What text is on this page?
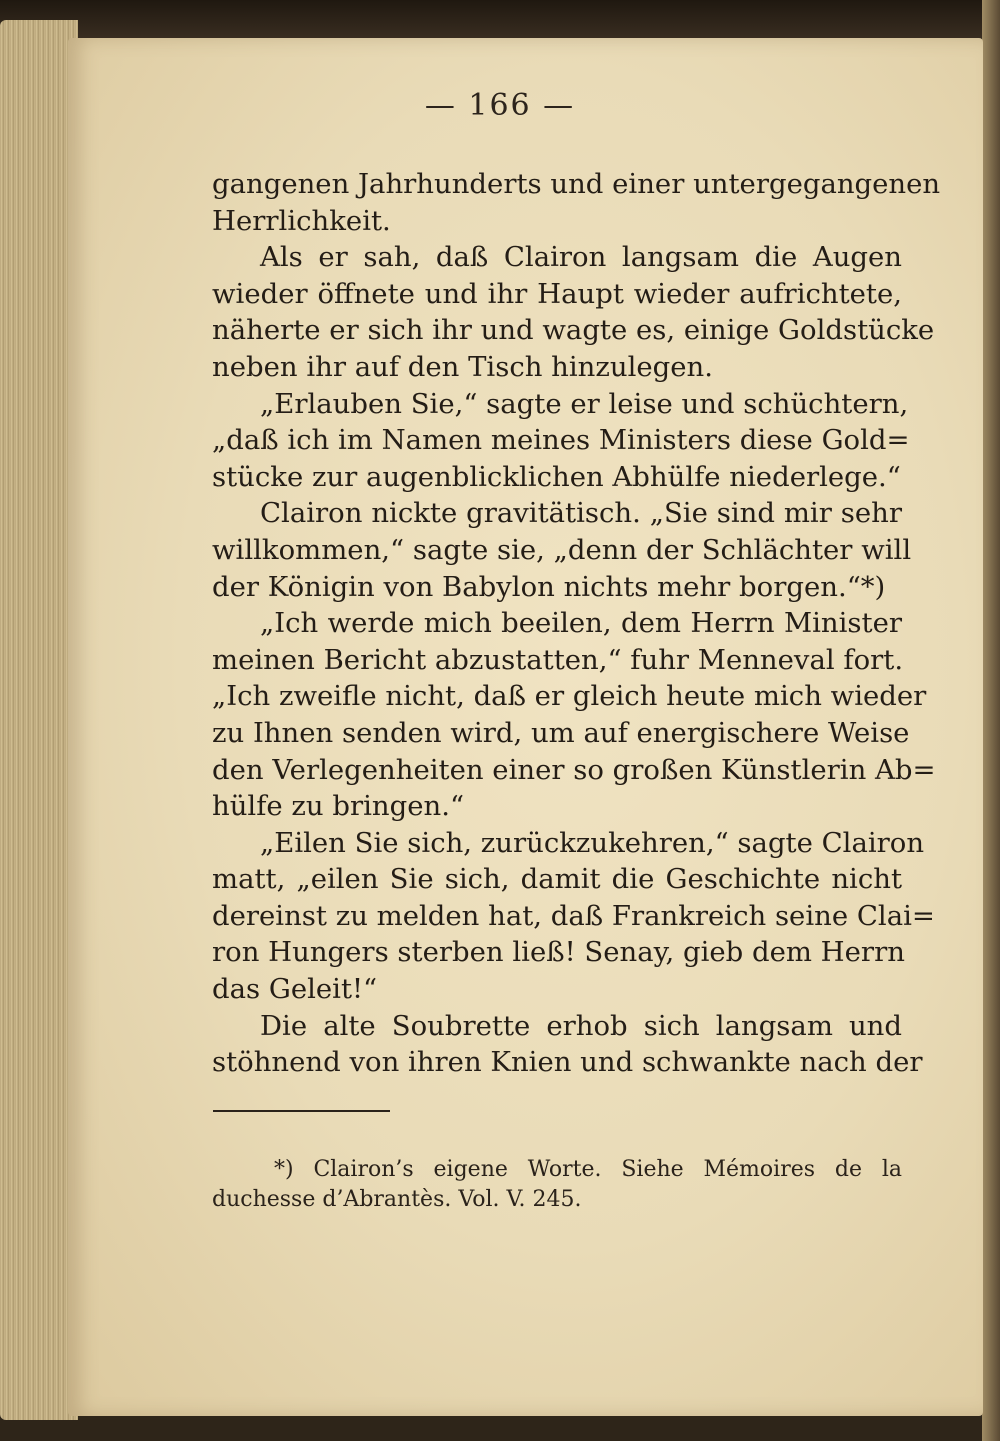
— 166 —
gangenen Jahrhunderts und einer untergegangenen
Herrlichkeit.
Als er sah, daß Clairon langsam die Augen
wieder öffnete und ihr Haupt wieder aufrichtete,
näherte er sich ihr und wagte es, einige Goldstücke
neben ihr auf den Tisch hinzulegen.
„Erlauben Sie,“ sagte er leise und schüchtern,
„daß ich im Namen meines Ministers diese Gold=
stücke zur augenblicklichen Abhülfe niederlege.“
Clairon nickte gravitätisch. „Sie sind mir sehr
willkommen,“ sagte sie, „denn der Schlächter will
der Königin von Babylon nichts mehr borgen.“*)
„Ich werde mich beeilen, dem Herrn Minister
meinen Bericht abzustatten,“ fuhr Menneval fort.
„Ich zweifle nicht, daß er gleich heute mich wieder
zu Ihnen senden wird, um auf energischere Weise
den Verlegenheiten einer so großen Künstlerin Ab=
hülfe zu bringen.“
„Eilen Sie sich, zurückzukehren,“ sagte Clairon
matt, „eilen Sie sich, damit die Geschichte nicht
dereinst zu melden hat, daß Frankreich seine Clai=
ron Hungers sterben ließ! Senay, gieb dem Herrn
das Geleit!“
Die alte Soubrette erhob sich langsam und
stöhnend von ihren Knien und schwankte nach der
*) Clairon’s eigene Worte. Siehe Mémoires de la
duchesse d’Abrantès. Vol. V. 245.
